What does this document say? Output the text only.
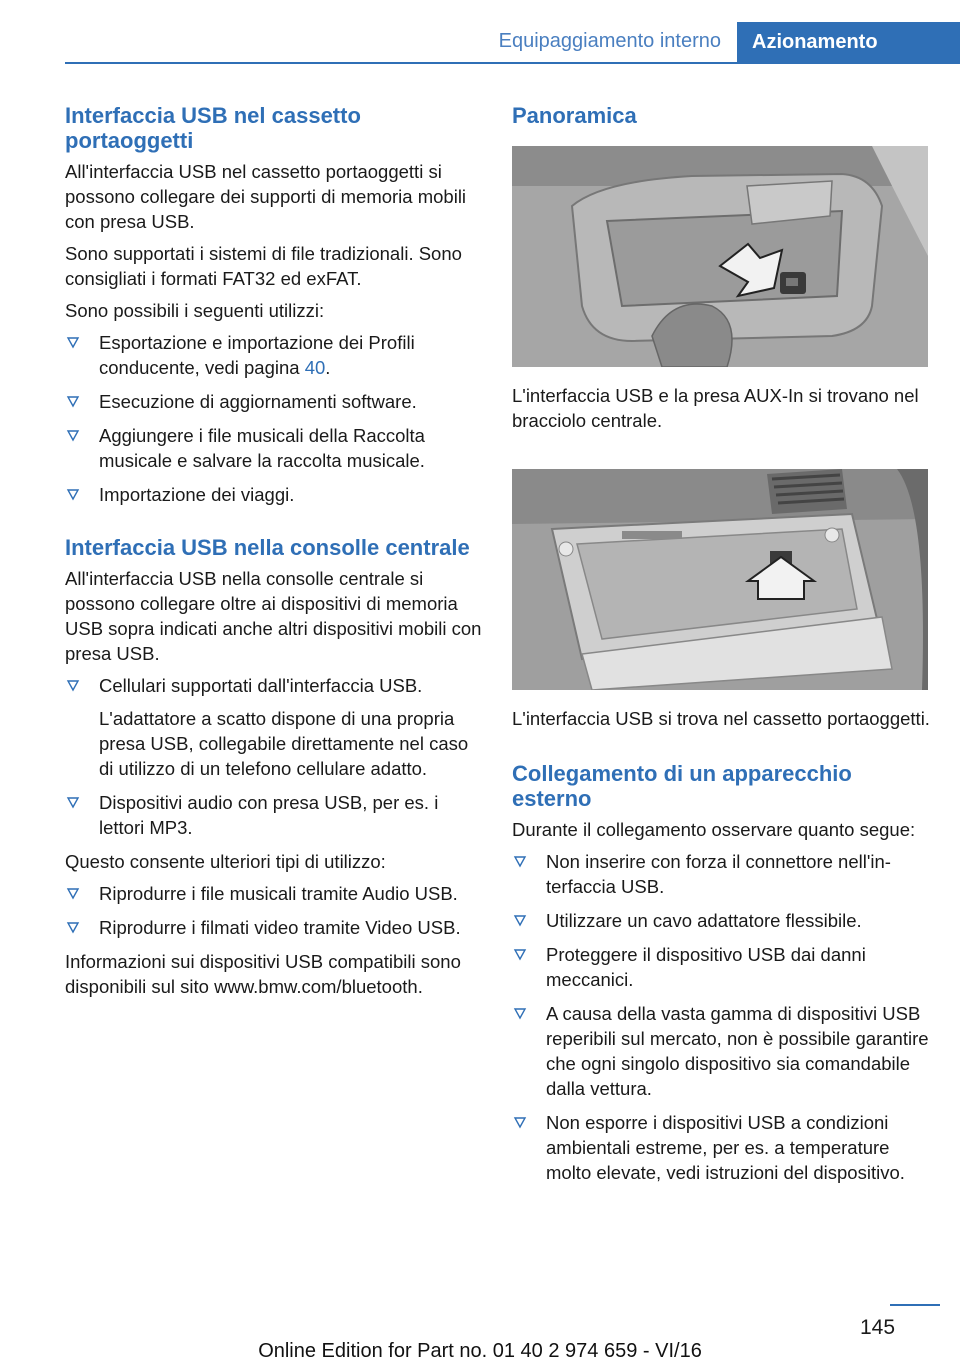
Equipaggiamento interno	Azionamento
Interfaccia USB nel cassetto portaoggetti

All'interfaccia USB nel cassetto portaoggetti si possono collegare dei supporti di memoria mobili con presa USB.

Sono supportati i sistemi di file tradizionali. Sono consigliati i formati FAT32 ed exFAT.

Sono possibili i seguenti utilizzi:

Esportazione e importazione dei Profili conducente, vedi pagina 40.
Esecuzione di aggiornamenti software.
Aggiungere i file musicali della Raccolta musicale e salvare la raccolta musicale.
Importazione dei viaggi.
Interfaccia USB nella consolle centrale

All'interfaccia USB nella consolle centrale si possono collegare oltre ai dispositivi di memoria USB sopra indicati anche altri dispositivi mobili con presa USB.

Cellulari supportati dall'interfaccia USB.

L'adattatore a scatto dispone di una propria presa USB, collegabile direttamente nel caso di utilizzo di un telefono cellulare adatto.

Dispositivi audio con presa USB, per es. i lettori MP3.

Questo consente ulteriori tipi di utilizzo:

Riprodurre i file musicali tramite Audio USB.
Riprodurre i filmati video tramite Video USB.

Informazioni sui dispositivi USB compatibili sono disponibili sul sito www.bmw.com/bluetooth.

Panoramica

L'interfaccia USB e la presa AUX-In si trovano nel bracciolo centrale.

L'interfaccia USB si trova nel cassetto portaoggetti.

Collegamento di un apparecchio esterno

Durante il collegamento osservare quanto segue:

Non inserire con forza il connettore nell'interfaccia USB.
Utilizzare un cavo adattatore flessibile.
Proteggere il dispositivo USB dai danni meccanici.
A causa della vasta gamma di dispositivi USB reperibili sul mercato, non è possibile garantire che ogni singolo dispositivo sia comandabile dalla vettura.
Non esporre i dispositivi USB a condizioni ambientali estreme, per es. a temperature molto elevate, vedi istruzioni del dispositivo.
145
Online Edition for Part no. 01 40 2 974 659 - VI/16
